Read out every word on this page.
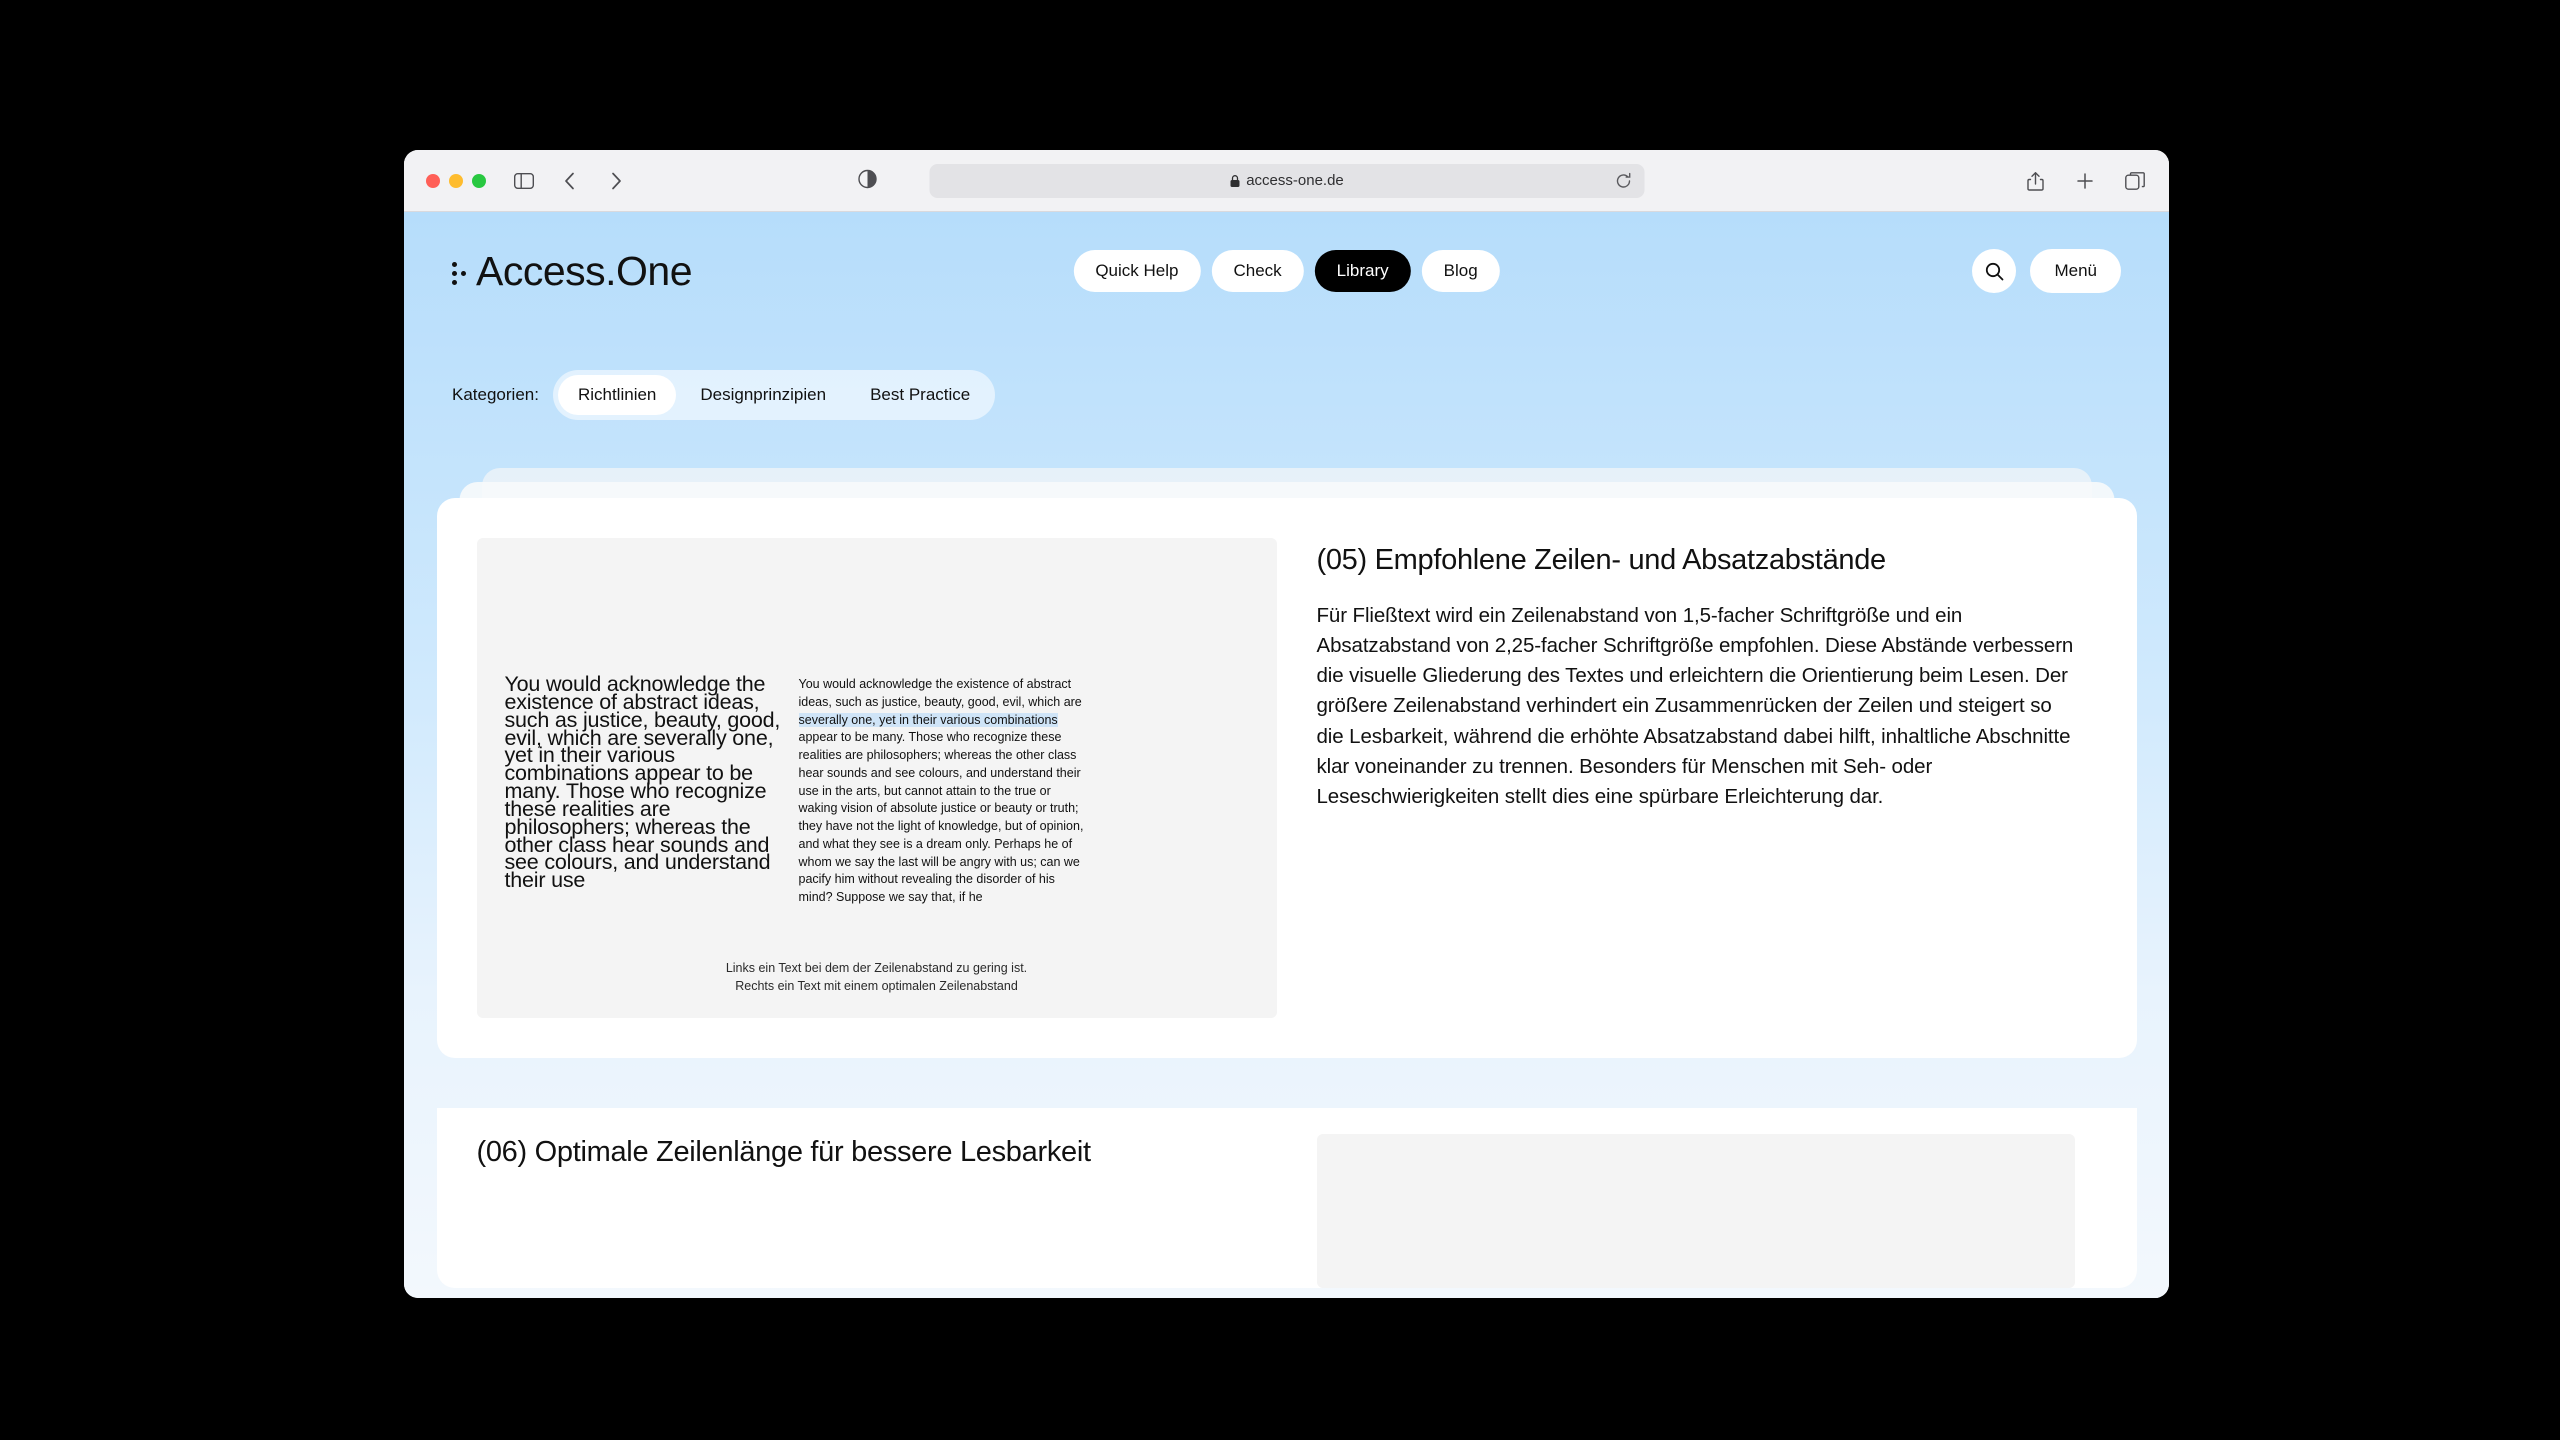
access-one.de
Access.One	Quick Help	Check	Library	Blog	Menü
Kategorien:	Richtlinien	Designprinzipien	Best Practice
You would acknowledge the existence of abstract ideas, such as justice, beauty, good, evil, which are severally one, yet in their various combinations appear to be many. Those who recognize these realities are philosophers; whereas the other class hear sounds and see colours, and understand their use
You would acknowledge the existence of abstract ideas, such as justice, beauty, good, evil, which are severally one, yet in their various combinations appear to be many. Those who recognize these realities are philosophers; whereas the other class hear sounds and see colours, and understand their use in the arts, but cannot attain to the true or waking vision of absolute justice or beauty or truth; they have not the light of knowledge, but of opinion, and what they see is a dream only. Perhaps he of whom we say the last will be angry with us; can we pacify him without revealing the disorder of his mind? Suppose we say that, if he
Links ein Text bei dem der Zeilenabstand zu gering ist.
Rechts ein Text mit einem optimalen Zeilenabstand
(05) Empfohlene Zeilen- und Absatzabstände

Für Fließtext wird ein Zeilenabstand von 1,5-facher Schriftgröße und ein Absatzabstand von 2,25-facher Schriftgröße empfohlen. Diese Abstände verbessern die visuelle Gliederung des Textes und erleichtern die Orientierung beim Lesen. Der größere Zeilenabstand verhindert ein Zusammenrücken der Zeilen und steigert so die Lesbarkeit, während die erhöhte Absatzabstand dabei hilft, inhaltliche Abschnitte klar voneinander zu trennen. Besonders für Menschen mit Seh- oder Leseschwierigkeiten stellt dies eine spürbare Erleichterung dar.

(06) Optimale Zeilenlänge für bessere Lesbarkeit
